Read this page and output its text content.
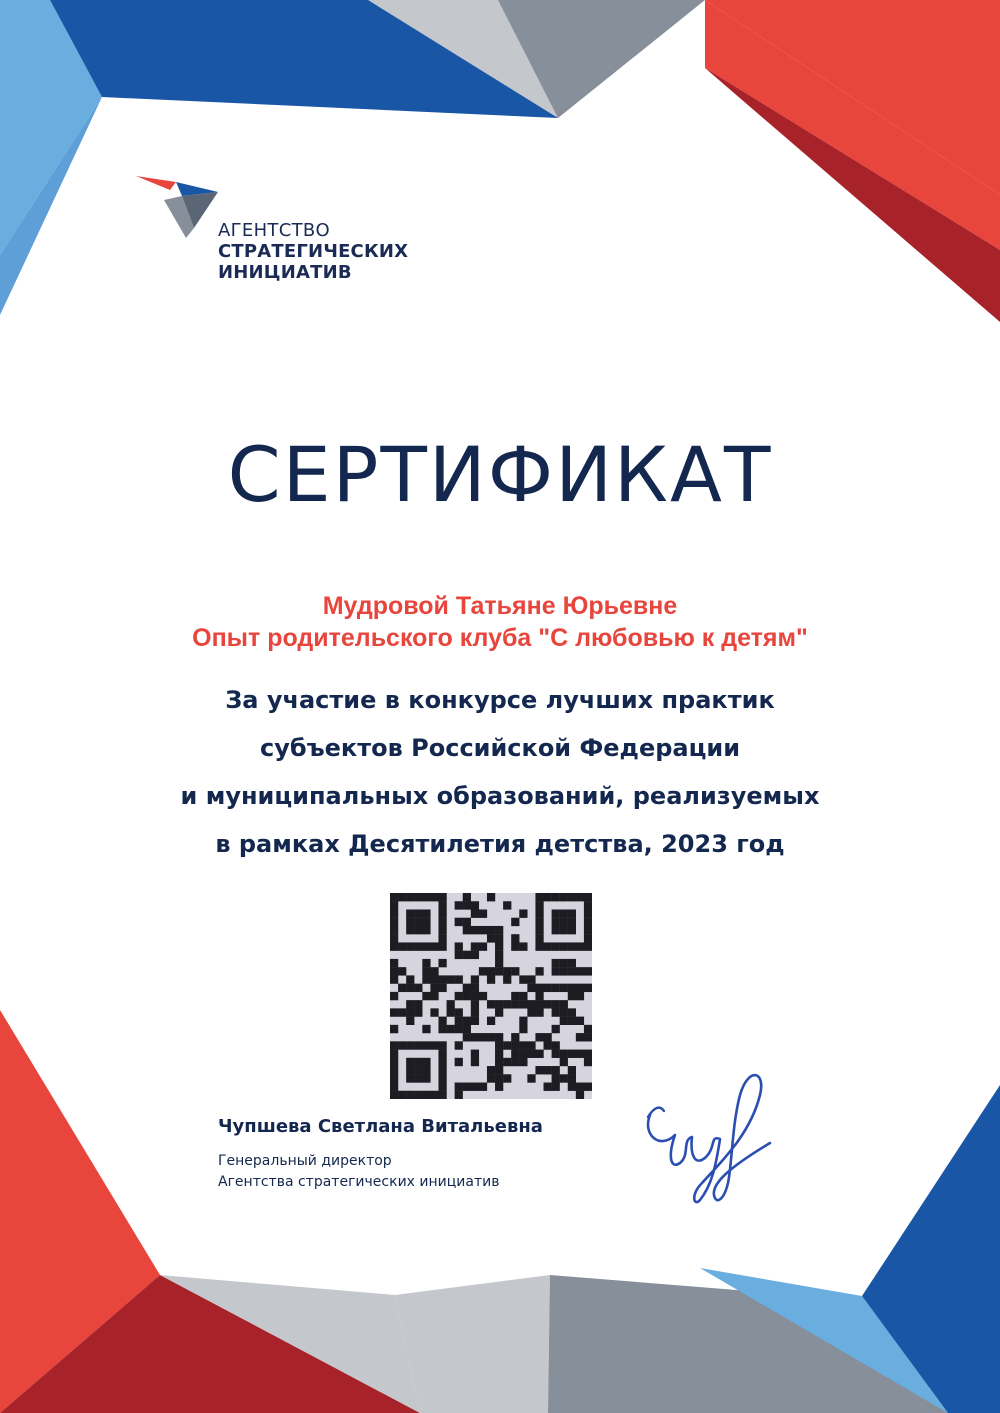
АГЕНТСТВО
СТРАТЕГИЧЕСКИХ
ИНИЦИАТИВ
СЕРТИФИКАТ
Мудровой Татьяне Юрьевне
Опыт родительского клуба "С любовью к детям"
За участие в конкурсе лучших практик
субъектов Российской Федерации
и муниципальных образований, реализуемых
в рамках Десятилетия детства, 2023 год
Чупшева Светлана Витальевна
Генеральный директор
Агентства стратегических инициатив
